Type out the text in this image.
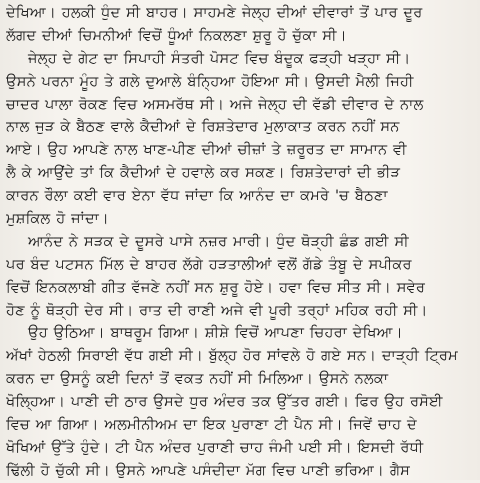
ਦੇਖਿਆ। ਹਲਕੀ ਧੁੰਦ ਸੀ ਬਾਹਰ। ਸਾਹਮਣੇ ਜੇਲ੍ਹ ਦੀਆਂ ਦੀਵਾਰਾਂ ਤੋਂ ਪਾਰ ਦੂਰ
ਲੱਗਦ ਦੀਆਂ ਚਿਮਨੀਆਂ ਵਿਚੋਂ ਧੂੰਆਂ ਨਿਕਲਣਾ ਸ਼ੁਰੂ ਹੋ ਚੁੱਕਾ ਸੀ।
ਜੇਲ੍ਹ ਦੇ ਗੇਟ ਦਾ ਸਿਪਾਹੀ ਸੰਤਰੀ ਪੋਸਟ ਵਿਚ ਬੰਦੂਕ ਫੜ੍ਹੀ ਖੜ੍ਹਾ ਸੀ।
ਉਸਨੇ ਪਰਨਾ ਮੂੰਹ ਤੇ ਗਲੇ ਦੁਆਲੇ ਬੰਨ੍ਹਿਆ ਹੋਇਆ ਸੀ। ਉਸਦੀ ਮੈਲੀ ਜਿਹੀ
ਚਾਦਰ ਪਾਲਾ ਰੋਕਣ ਵਿਚ ਅਸਮਰੱਥ ਸੀ। ਅਜੇ ਜੇਲ੍ਹ ਦੀ ਵੱਡੀ ਦੀਵਾਰ ਦੇ ਨਾਲ
ਨਾਲ ਜੁੜ ਕੇ ਬੈਠਣ ਵਾਲੇ ਕੈਦੀਆਂ ਦੇ ਰਿਸ਼ਤੇਦਾਰ ਮੁਲਾਕਾਤ ਕਰਨ ਨਹੀਂ ਸਨ
ਆਏ। ਉਹ ਆਪਣੇ ਨਾਲ ਖਾਣ-ਪੀਣ ਦੀਆਂ ਚੀਜ਼ਾਂ ਤੇ ਜ਼ਰੂਰਤ ਦਾ ਸਾਮਾਨ ਵੀ
ਲੈ ਕੇ ਆਉਂਦੇ ਤਾਂ ਕਿ ਕੈਦੀਆਂ ਦੇ ਹਵਾਲੇ ਕਰ ਸਕਣ। ਰਿਸ਼ਤੇਦਾਰਾਂ ਦੀ ਭੀੜ
ਕਾਰਨ ਰੌਲਾ ਕਈ ਵਾਰ ਏਨਾ ਵੱਧ ਜਾਂਦਾ ਕਿ ਆਨੰਦ ਦਾ ਕਮਰੇ 'ਚ ਬੈਠਣਾ
ਮੁਸ਼ਕਿਲ ਹੋ ਜਾਂਦਾ।
ਆਨੰਦ ਨੇ ਸੜਕ ਦੇ ਦੂਸਰੇ ਪਾਸੇ ਨਜ਼ਰ ਮਾਰੀ। ਧੁੰਦ ਥੋੜ੍ਹੀ ਛੰਡ ਗਈ ਸੀ
ਪਰ ਬੰਦ ਪਟਸਨ ਮਿੱਲ ਦੇ ਬਾਹਰ ਲੱਗੇ ਹੜਤਾਲੀਆਂ ਵਲੋਂ ਗੱਡੇ ਤੰਬੂ ਦੇ ਸਪੀਕਰ
ਵਿਚੋਂ ਇਨਕਲਾਬੀ ਗੀਤ ਵੱਜਣੇ ਨਹੀਂ ਸਨ ਸ਼ੁਰੂ ਹੋਏ। ਹਵਾ ਵਿਚ ਸੀਤ ਸੀ। ਸਵੇਰ
ਹੋਣ ਨੂੰ ਥੋੜ੍ਹੀ ਦੇਰ ਸੀ। ਰਾਤ ਦੀ ਰਾਣੀ ਅਜੇ ਵੀ ਪੂਰੀ ਤਰ੍ਹਾਂ ਮਹਿਕ ਰਹੀ ਸੀ।
ਉਹ ਉਠਿਆ। ਬਾਥਰੂਮ ਗਿਆ। ਸ਼ੀਸ਼ੇ ਵਿਚੋਂ ਆਪਣਾ ਚਿਹਰਾ ਦੇਖਿਆ।
ਅੱਖਾਂ ਹੇਠਲੀ ਸਿਰਾਈ ਵੱਧ ਗਈ ਸੀ। ਬੁੱਲ੍ਹ ਹੋਰ ਸਾਂਵਲੇ ਹੋ ਗਏ ਸਨ। ਦਾੜ੍ਹੀ ਟ੍ਰਿਮ
ਕਰਨ ਦਾ ਉਸਨੂੰ ਕਈ ਦਿਨਾਂ ਤੋਂ ਵਕਤ ਨਹੀਂ ਸੀ ਮਿਲਿਆ। ਉਸਨੇ ਨਲਕਾ
ਖੋਲ੍ਹਿਆ। ਪਾਣੀ ਦੀ ਠਾਰ ਉਸਦੇ ਧੁਰ ਅੰਦਰ ਤਕ ਉੱਤਰ ਗਈ। ਫਿਰ ਉਹ ਰਸੋਈ
ਵਿਚ ਆ ਗਿਆ। ਅਲਮੀਨੀਅਮ ਦਾ ਇਕ ਪੁਰਾਣਾ ਟੀ ਪੈਨ ਸੀ। ਜਿਵੇਂ ਚਾਹ ਦੇ
ਖੋਖਿਆਂ ਉੱਤੇ ਹੁੰਦੇ। ਟੀ ਪੈਨ ਅੰਦਰ ਪੁਰਾਣੀ ਚਾਹ ਜੰਮੀ ਪਈ ਸੀ। ਇਸਦੀ ਰੱਧੀ
ਢਿੱਲੀ ਹੋ ਚੁੱਕੀ ਸੀ। ਉਸਨੇ ਆਪਣੇ ਪਸੰਦੀਦਾ ਮੱਗ ਵਿਚ ਪਾਣੀ ਭਰਿਆ। ਗੈਸ
